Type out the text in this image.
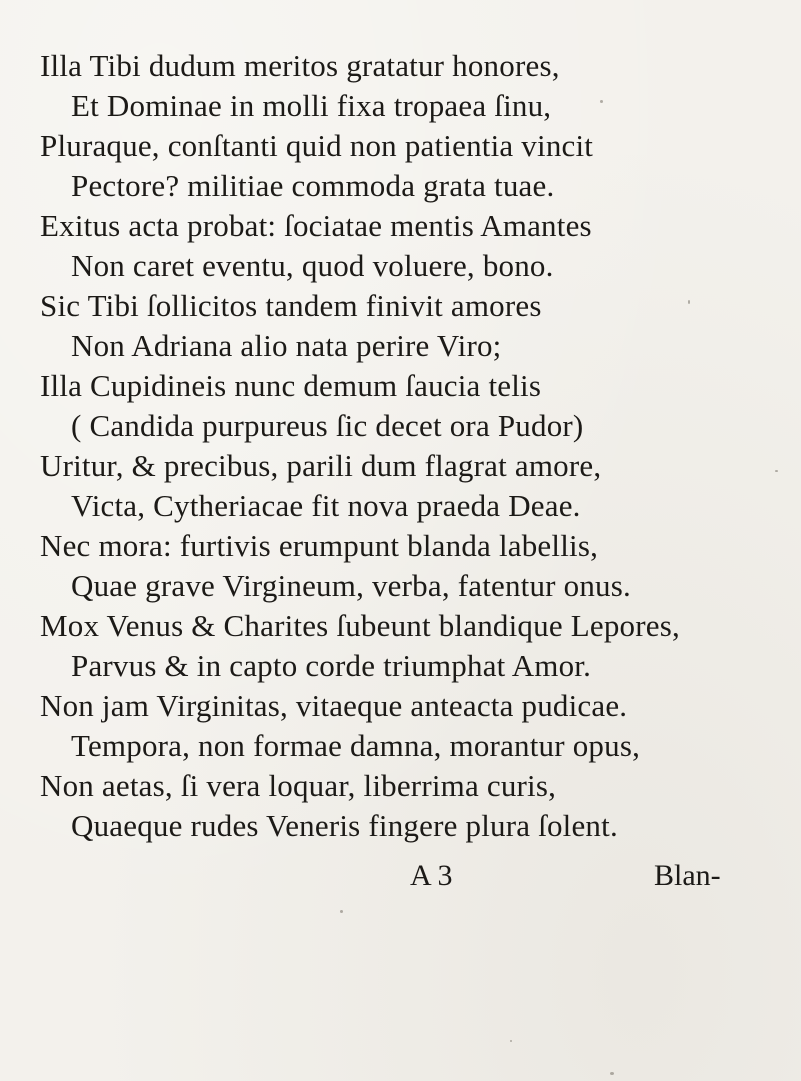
Illa Tibi dudum meritos gratatur honores,
Et Dominae in molli fixa tropaea ſinu,
Pluraque, conſtanti quid non patientia vincit
Pectore? militiae commoda grata tuae.
Exitus acta probat: ſociatae mentis Amantes
Non caret eventu, quod voluere, bono.
Sic Tibi ſollicitos tandem finivit amores
Non Adriana alio nata perire Viro;
Illa Cupidineis nunc demum ſaucia telis
( Candida purpureus ſic decet ora Pudor)
Uritur, & precibus, parili dum flagrat amore,
Victa, Cytheriacae fit nova praeda Deae.
Nec mora: furtivis erumpunt blanda labellis,
Quae grave Virgineum, verba, fatentur onus.
Mox Venus & Charites ſubeunt blandique Lepores,
Parvus & in capto corde triumphat Amor.
Non jam Virginitas, vitaeque anteacta pudicae.
Tempora, non formae damna, morantur opus,
Non aetas, ſi vera loquar, liberrima curis,
Quaeque rudes Veneris fingere plura ſolent.
A 3	Blan-
